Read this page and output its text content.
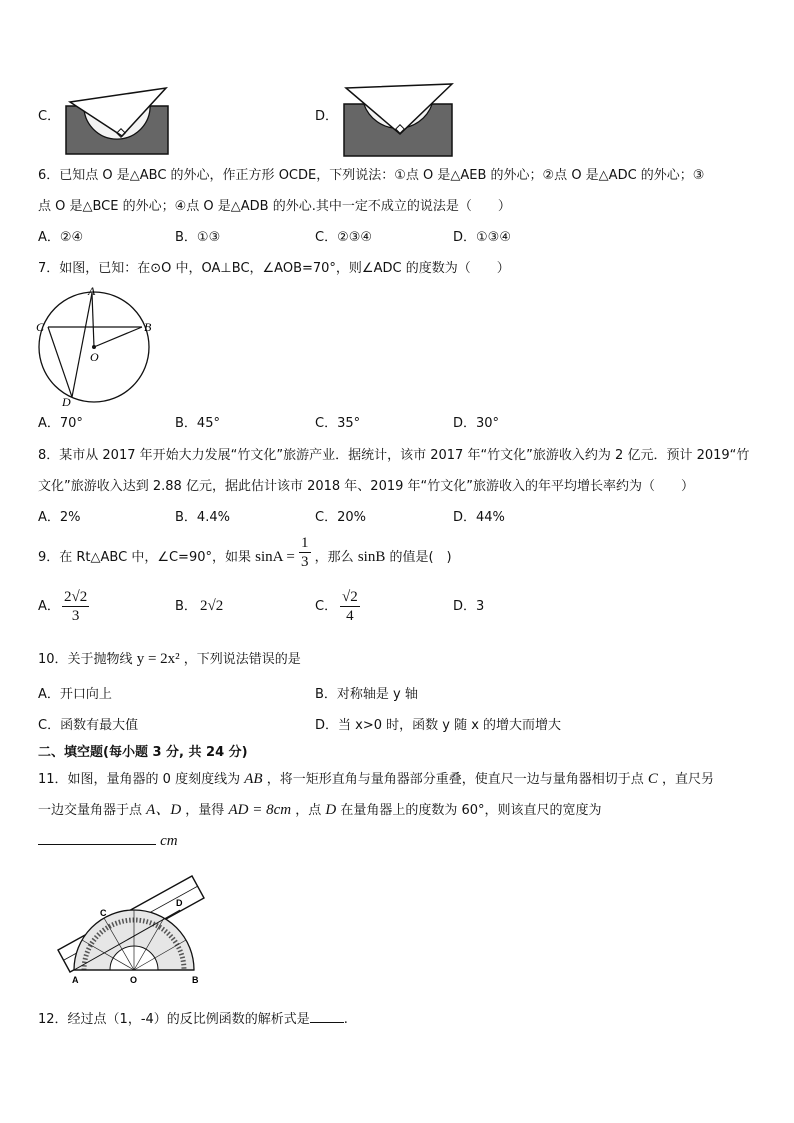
C．	D．
6．已知点 O 是△ABC 的外心，作正方形 OCDE，下列说法：①点 O 是△AEB 的外心；②点 O 是△ADC 的外心；③
点 O 是△BCE 的外心；④点 O 是△ADB 的外心.其中一定不成立的说法是（　　）
A．②④	B．①③	C．②③④	D．①③④
7．如图，已知：在⊙O 中，OA⊥BC，∠AOB=70°，则∠ADC 的度数为（　　）
A
B
C
D
O
A．70°	B．45°	C．35°	D．30°
8．某市从 2017 年开始大力发展“竹文化”旅游产业．据统计，该市 2017 年“竹文化”旅游收入约为 2 亿元．预计 2019“竹
文化”旅游收入达到 2.88 亿元，据此估计该市 2018 年、2019 年“竹文化”旅游收入的年平均增长率约为（　　）
A．2%	B．4.4%	C．20%	D．44%
9．在 Rt△ABC 中，∠C=90°，如果 $\sin A = \frac{1}{3}$ ，那么 sinB 的值是(　)
A． $\frac{2√2}{3}$	B． 2√2	C． $\frac{√2}{4}$	D．3
10．关于抛物线 y = 2x² ，下列说法错误的是
A．开口向上	B．对称轴是 y 轴
C．函数有最大值	D．当 x>0 时，函数 y 随 x 的增大而增大
二、填空题(每小题 3 分, 共 24 分)
11．如图，量角器的 0 度刻度线为 AB ，将一矩形直角与量角器部分重叠，使直尺一边与量角器相切于点 C ，直尺另
一边交量角器于点 A、D ，量得 AD = 8cm ，点 D 在量角器上的度数为 60°，则该直尺的宽度为
cm
A	B
C
D
O
12．经过点（1，-4）的反比例函数的解析式是	.
